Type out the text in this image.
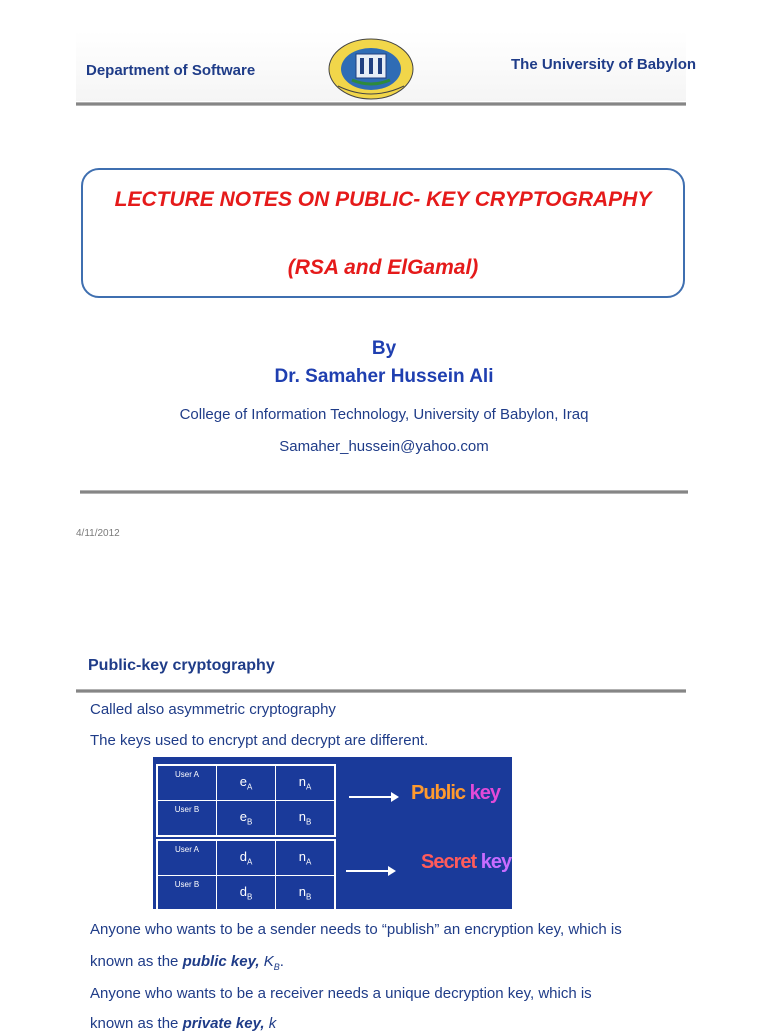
Department of Software	The University of Babylon
LECTURE NOTES ON PUBLIC- KEY CRYPTOGRAPHY
(RSA and ElGamal)
By
Dr. Samaher Hussein Ali
College of Information Technology, University of Babylon, Iraq
Samaher_hussein@yahoo.com
4/11/2012
Public-key cryptography
Called also asymmetric cryptography
The keys used to encrypt and decrypt are different.
User A	$e_A$	$n_A$
User B	$e_B$	$n_B$
User A	$d_A$	$n_A$
User B	$d_B$	$n_B$
Public key
Secret key
Anyone who wants to be a sender needs to “publish” an encryption key, which is
known as the public key, $K_B$.
Anyone who wants to be a receiver needs a unique decryption key, which is
known as the private key, k
